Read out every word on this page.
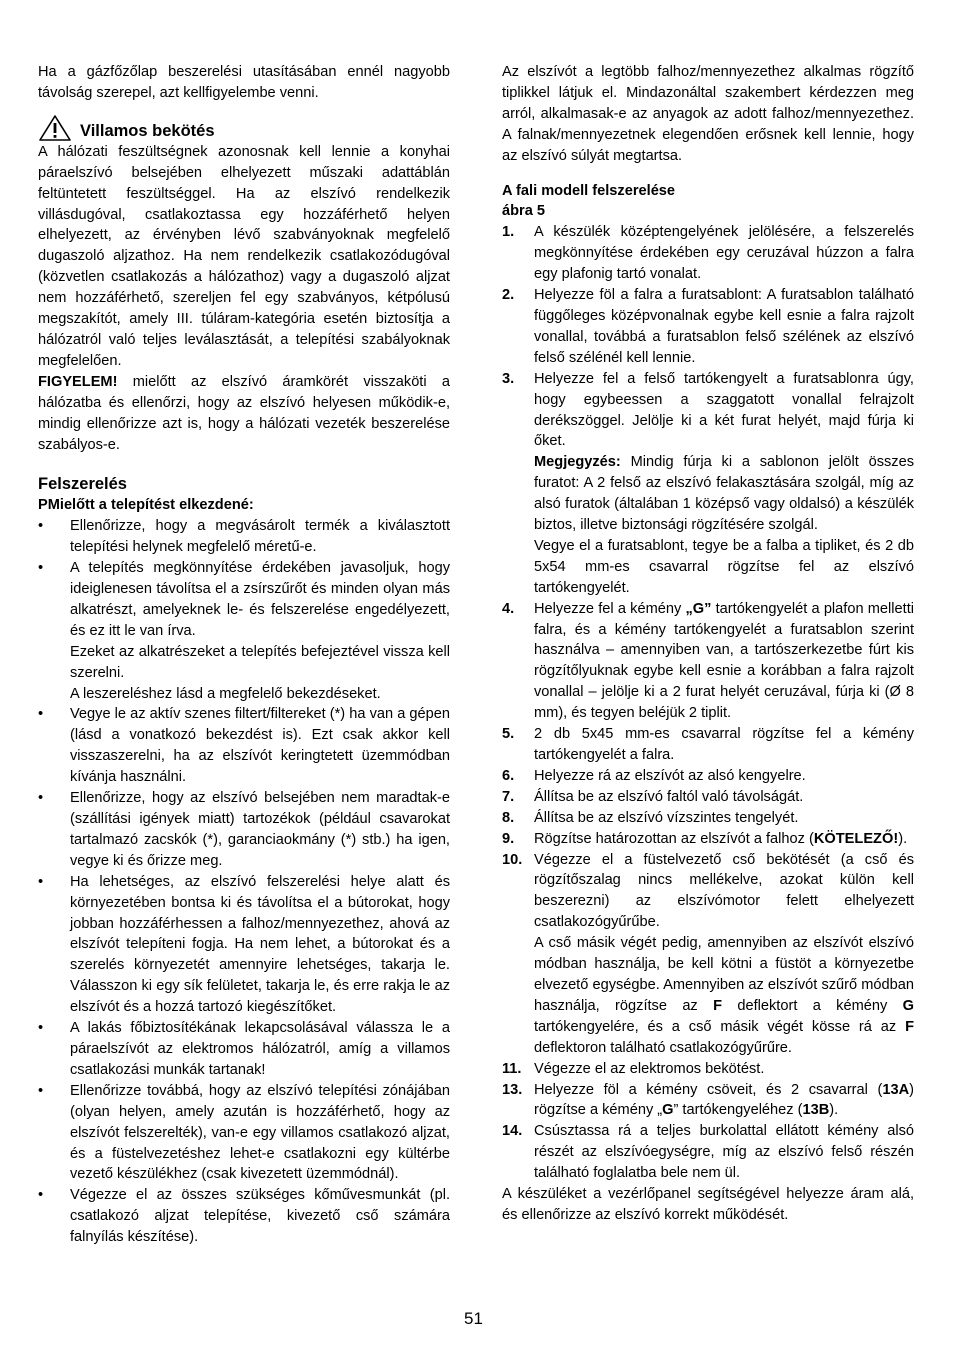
Ha a gázfőzőlap beszerelési utasításában ennél nagyobb távolság szerepel, azt kellfigyelembe venni.

Villamos bekötés

A hálózati feszültségnek azonosnak kell lennie a konyhai páraelszívó belsejében elhelyezett műszaki adattáblán feltüntetett feszültséggel. Ha az elszívó rendelkezik villásdugóval, csatlakoztassa egy hozzáférhető helyen elhelyezett, az érvényben lévő szabványoknak megfelelő dugaszoló aljzathoz. Ha nem rendelkezik csatlakozódugóval (közvetlen csatlakozás a hálózathoz) vagy a dugaszoló aljzat nem hozzáférhető, szereljen fel egy szabványos, kétpólusú megszakítót, amely III. túláram-kategória esetén biztosítja a hálózatról való teljes leválasztását, a telepítési szabályoknak megfelelően.

FIGYELEM! mielőtt az elszívó áramkörét visszaköti a hálózatba és ellenőrzi, hogy az elszívó helyesen működik-e, mindig ellenőrizze azt is, hogy a hálózati vezeték beszerelése szabályos-e.

Felszerelés

PMielőtt a telepítést elkezdené:

• Ellenőrizze, hogy a megvásárolt termék a kiválasztott telepítési helynek megfelelő méretű-e.
• A telepítés megkönnyítése érdekében javasoljuk, hogy ideiglenesen távolítsa el a zsírszűrőt és minden olyan más alkatrészt, amelyeknek le- és felszerelése engedélyezett, és ez itt le van írva.

Ezeket az alkatrészeket a telepítés befejeztével vissza kell szerelni.

A leszereléshez lásd a megfelelő bekezdéseket.

• Vegye le az aktív szenes filtert/filtereket (*) ha van a gépen (lásd a vonatkozó bekezdést is). Ezt csak akkor kell visszaszerelni, ha az elszívót keringtetett üzemmódban kívánja használni.
• Ellenőrizze, hogy az elszívó belsejében nem maradtak-e (szállítási igények miatt) tartozékok (például csavarokat tartalmazó zacskók (*), garanciaokmány (*) stb.) ha igen, vegye ki és őrizze meg.
• Ha lehetséges, az elszívó felszerelési helye alatt és környezetében bontsa ki és távolítsa el a bútorokat, hogy jobban hozzáférhessen a falhoz/mennyezethez, ahová az elszívót telepíteni fogja. Ha nem lehet, a bútorokat és a szerelés környezetét amennyire lehetséges, takarja le. Válasszon ki egy sík felületet, takarja le, és erre rakja le az elszívót és a hozzá tartozó kiegészítőket.
• A lakás főbiztosítékának lekapcsolásával válassza le a páraelszívót az elektromos hálózatról, amíg a villamos csatlakozási munkák tartanak!
• Ellenőrizze továbbá, hogy az elszívó telepítési zónájában (olyan helyen, amely azután is hozzáférhető, hogy az elszívót felszerelték), van-e egy villamos csatlakozó aljzat, és a füstelvezetéshez lehet-e csatlakozni egy kültérbe vezető készülékhez (csak kivezetett üzemmódnál).
• Végezze el az összes szükséges kőművesmunkát (pl. csatlakozó aljzat telepítése, kivezető cső számára falnyílás készítése).

Az elszívót a legtöbb falhoz/mennyezethez alkalmas rögzítő tiplikkel látjuk el. Mindazonáltal szakembert kérdezzen meg arról, alkalmasak-e az anyagok az adott falhoz/mennyezethez. A falnak/mennyezetnek elegendően erősnek kell lennie, hogy az elszívó súlyát megtartsa.

A fali modell felszerelése

ábra 5

1. A készülék középtengelyének jelölésére, a felszerelés megkönnyítése érdekében egy ceruzával húzzon a falra egy plafonig tartó vonalat.
2. Helyezze föl a falra a furatsablont: A furatsablon található függőleges középvonalnak egybe kell esnie a falra rajzolt vonallal, továbbá a furatsablon felső szélének az elszívó felső szélénél kell lennie.
3. Helyezze fel a felső tartókengyelt a furatsablonra úgy, hogy egybeessen a szaggatott vonallal felrajzolt derékszöggel. Jelölje ki a két furat helyét, majd fúrja ki őket.

Megjegyzés: Mindig fúrja ki a sablonon jelölt összes furatot: A 2 felső az elszívó felakasztására szolgál, míg az alsó furatok (általában 1 középső vagy oldalsó) a készülék biztos, illetve biztonsági rögzítésére szolgál.

Vegye el a furatsablont, tegye be a falba a tipliket, és 2 db 5x54 mm-es csavarral rögzítse fel az elszívó tartókengyelét.

4. Helyezze fel a kémény „G” tartókengyelét a plafon melletti falra, és a kémény tartókengyelét a furatsablon szerint használva – amennyiben van, a tartószerkezetbe fúrt kis rögzítőlyuknak egybe kell esnie a korábban a falra rajzolt vonallal – jelölje ki a 2 furat helyét ceruzával, fúrja ki (Ø 8 mm), és tegyen beléjük 2 tiplit.
5. 2 db 5x45 mm-es csavarral rögzítse fel a kémény tartókengyelét a falra.
6. Helyezze rá az elszívót az alsó kengyelre.
7. Állítsa be az elszívó faltól való távolságát.
8. Állítsa be az elszívó vízszintes tengelyét.
9. Rögzítse határozottan az elszívót a falhoz (KÖTELEZŐ!).
10. Végezze el a füstelvezető cső bekötését (a cső és rögzítőszalag nincs mellékelve, azokat külön kell beszerezni) az elszívómotor felett elhelyezett csatlakozógyűrűbe.

A cső másik végét pedig, amennyiben az elszívót elszívó módban használja, be kell kötni a füstöt a környezetbe elvezető egységbe. Amennyiben az elszívót szűrő módban használja, rögzítse az F deflektort a kémény G tartókengyelére, és a cső másik végét kösse rá az F deflektoron található csatlakozógyűrűre.

11. Végezze el az elektromos bekötést.
13. Helyezze föl a kémény csöveit, és 2 csavarral (13A) rögzítse a kémény „G” tartókengyeléhez (13B).
14. Csúsztassa rá a teljes burkolattal ellátott kémény alsó részét az elszívóegységre, míg az elszívó felső részén található foglalatba bele nem ül.

A készüléket a vezérlőpanel segítségével helyezze áram alá, és ellenőrizze az elszívó korrekt működését.

51
